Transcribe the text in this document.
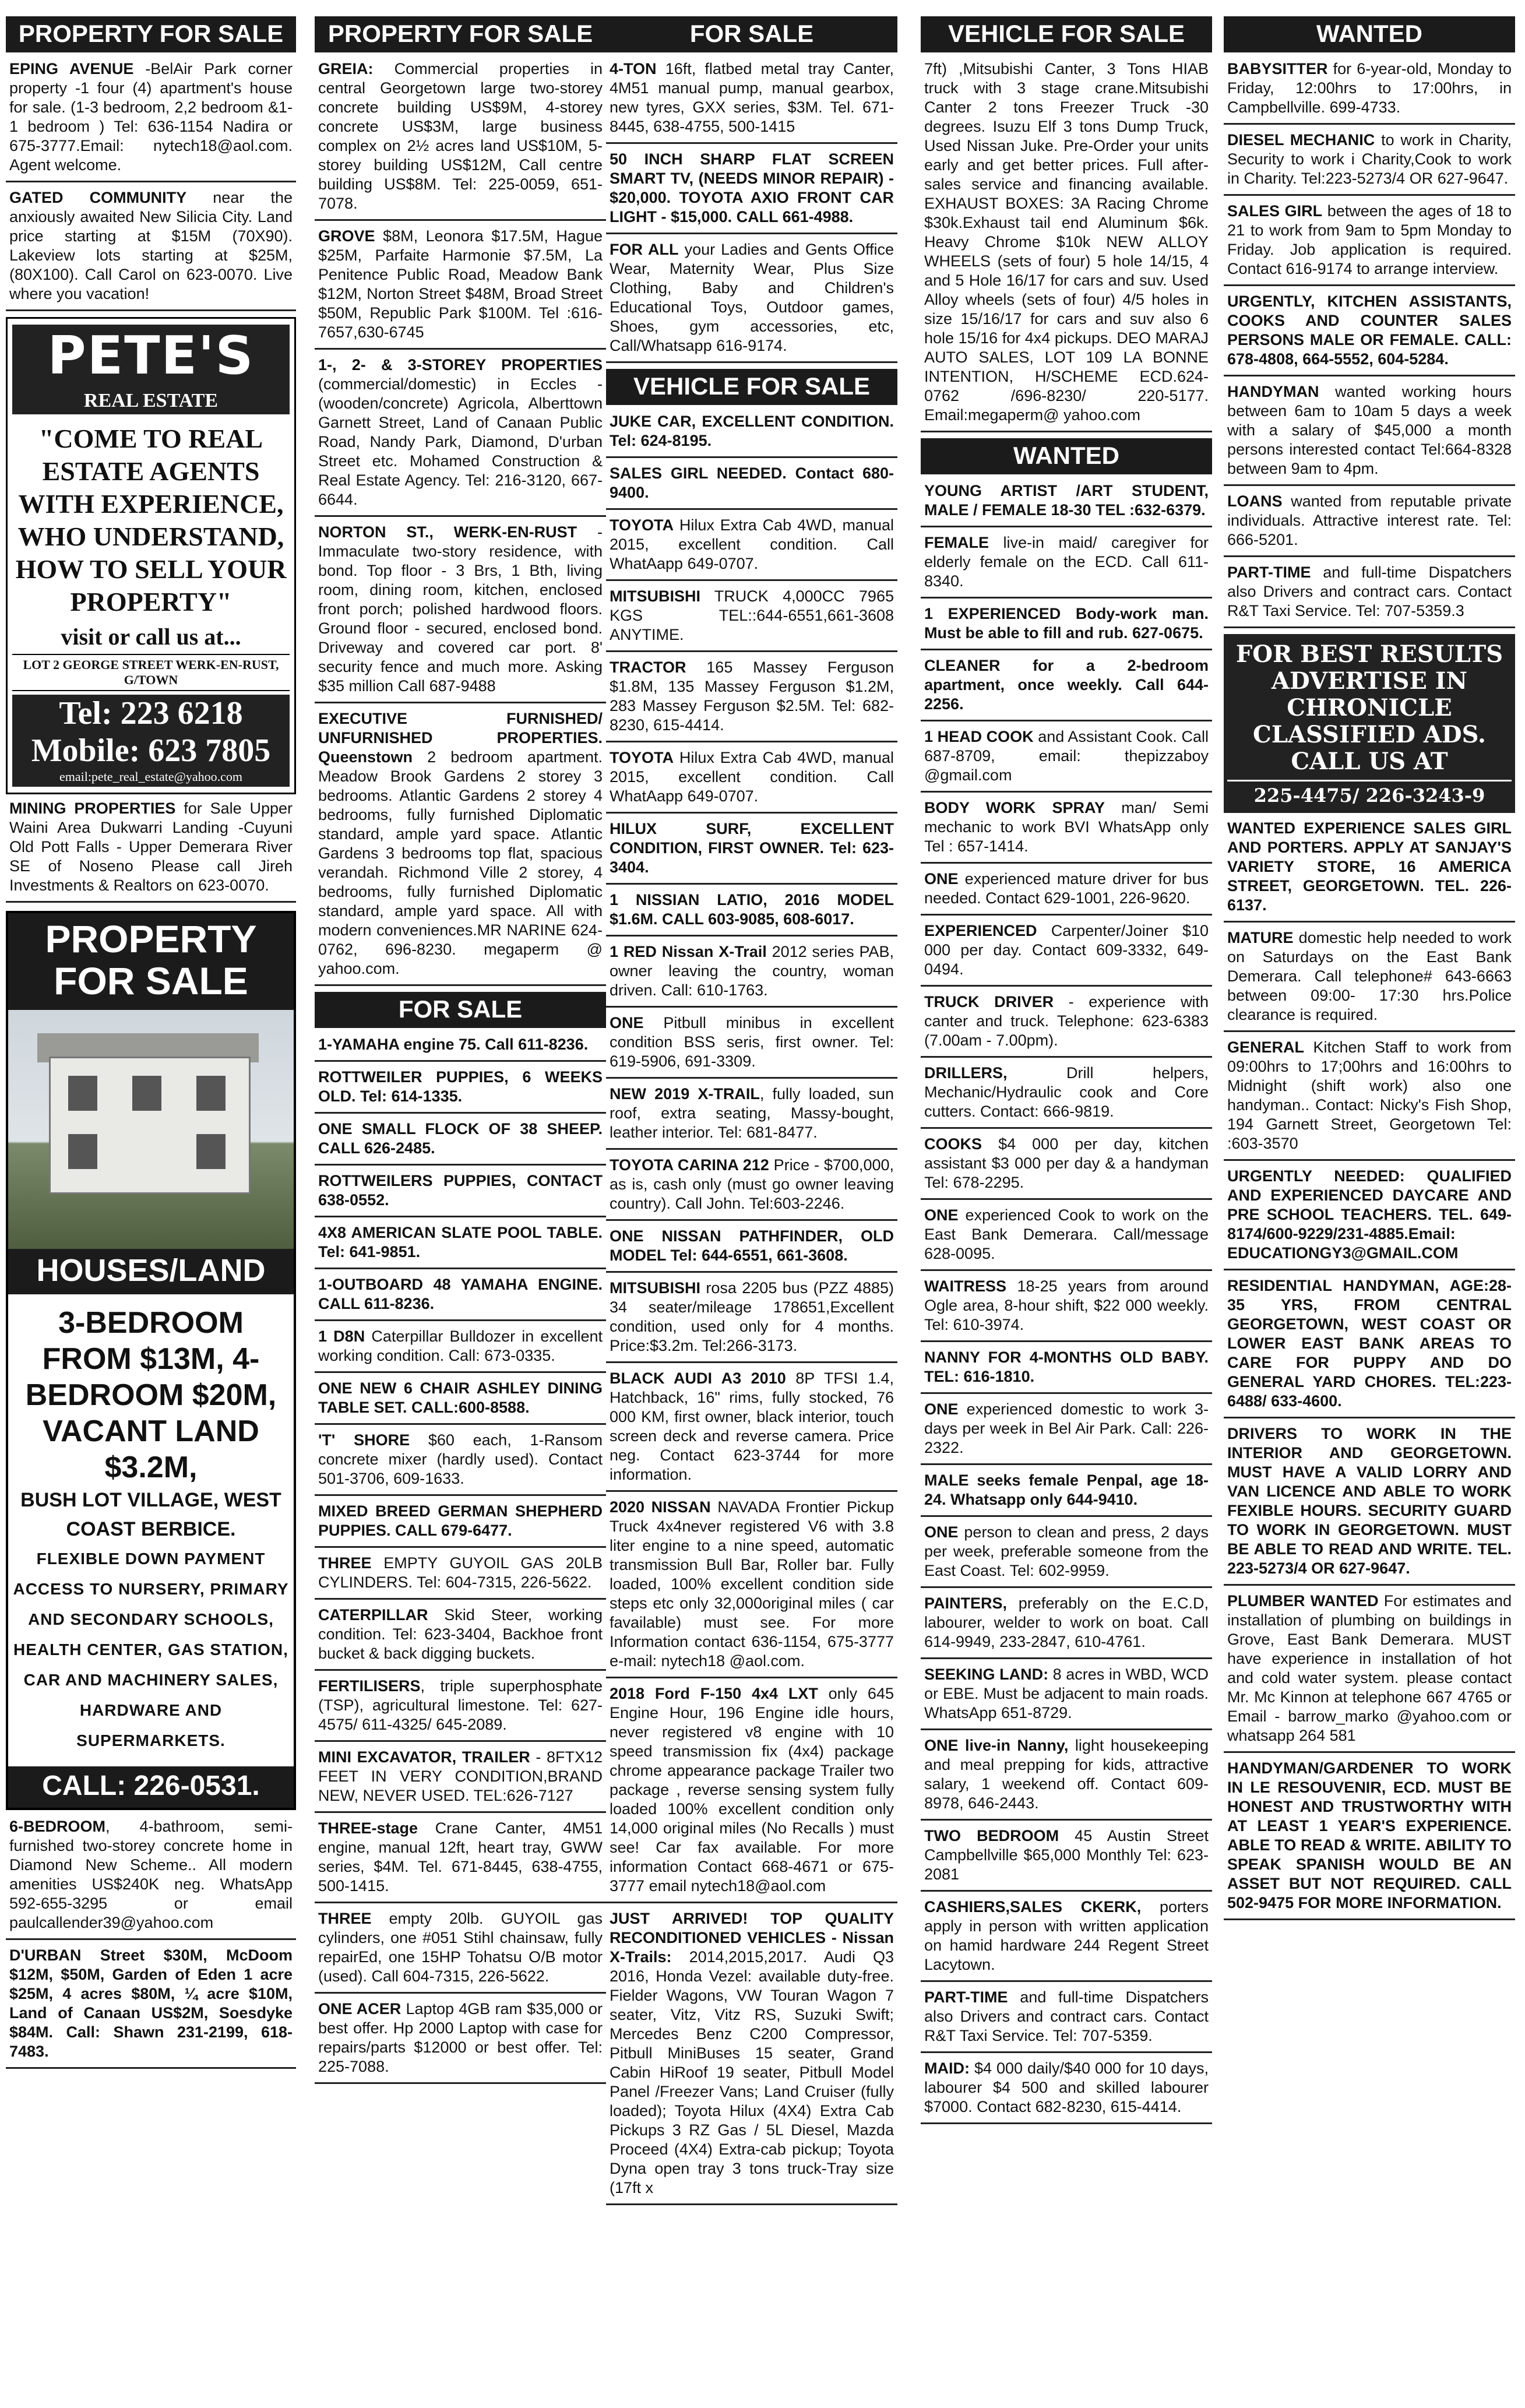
PROPERTY FOR SALE

EPING AVENUE -BelAir Park corner property -1 four (4) apartment's house for sale. (1-3 bedroom, 2,2 bedroom &1-1 bedroom ) Tel: 636-1154 Nadira or 675-3777.Email: nytech18@aol.com. Agent welcome.

GATED COMMUNITY near the anxiously awaited New Silicia City. Land price starting at $15M (70X90). Lakeview lots starting at $25M, (80X100). Call Carol on 623-0070. Live where you vacation!

PETE'S
REAL ESTATE
"COME TO REAL ESTATE AGENTS WITH EXPERIENCE, WHO UNDERSTAND, HOW TO SELL YOUR PROPERTY"
visit or call us at...
LOT 2 GEORGE STREET WERK-EN-RUST, G/TOWN
Tel: 223 6218
Mobile: 623 7805
email:pete_real_estate@yahoo.com

MINING PROPERTIES for Sale Upper Waini Area Dukwarri Landing -Cuyuni Old Pott Falls - Upper Demerara River SE of Noseno Please call Jireh Investments & Realtors on 623-0070.

PROPERTY FOR SALE
HOUSES/LAND
3-BEDROOM FROM $13M, 4-BEDROOM $20M, VACANT LAND $3.2M,
BUSH LOT VILLAGE, WEST COAST BERBICE.
FLEXIBLE DOWN PAYMENT ACCESS TO NURSERY, PRIMARY AND SECONDARY SCHOOLS, HEALTH CENTER, GAS STATION, CAR AND MACHINERY SALES, HARDWARE AND SUPERMARKETS.
CALL: 226-0531.

6-BEDROOM, 4-bathroom, semi-furnished two-storey concrete home in Diamond New Scheme.. All modern amenities US$240K neg. WhatsApp 592-655-3295 or email paulcallender39@yahoo.com

D'URBAN Street $30M, McDoom $12M, $50M, Garden of Eden 1 acre $25M, 4 acres $80M, ¼ acre $10M, Land of Canaan US$2M, Soesdyke $84M. Call: Shawn 231-2199, 618-7483.

PROPERTY FOR SALE

GREIA: Commercial properties in central Georgetown large two-storey concrete building US$9M, 4-storey concrete US$3M, large business complex on 2½ acres land US$10M, 5-storey building US$12M, Call centre building US$8M. Tel: 225-0059, 651-7078.

GROVE $8M, Leonora $17.5M, Hague $25M, Parfaite Harmonie $7.5M, La Penitence Public Road, Meadow Bank $12M, Norton Street $48M, Broad Street $50M, Republic Park $100M. Tel :616-7657,630-6745

1-, 2- & 3-STOREY PROPERTIES (commercial/domestic) in Eccles - (wooden/concrete) Agricola, Alberttown Garnett Street, Land of Canaan Public Road, Nandy Park, Diamond, D'urban Street etc. Mohamed Construction & Real Estate Agency. Tel: 216-3120, 667-6644.

NORTON ST., WERK-EN-RUST - Immaculate two-story residence, with bond. Top floor - 3 Brs, 1 Bth, living room, dining room, kitchen, enclosed front porch; polished hardwood floors. Ground floor - secured, enclosed bond. Driveway and covered car port. 8' security fence and much more. Asking $35 million Call 687-9488

EXECUTIVE FURNISHED/ UNFURNISHED PROPERTIES. Queenstown 2 bedroom apartment. Meadow Brook Gardens 2 storey 3 bedrooms. Atlantic Gardens 2 storey 4 bedrooms, fully furnished Diplomatic standard, ample yard space. Atlantic Gardens 3 bedrooms top flat, spacious verandah. Richmond Ville 2 storey, 4 bedrooms, fully furnished Diplomatic standard, ample yard space. All with modern conveniences.MR NARINE 624-0762, 696-8230. megaperm @ yahoo.com.

FOR SALE

1-YAMAHA engine 75. Call 611-8236.

ROTTWEILER PUPPIES, 6 WEEKS OLD. Tel: 614-1335.

ONE SMALL FLOCK OF 38 SHEEP. CALL 626-2485.

ROTTWEILERS PUPPIES, CONTACT 638-0552.

4X8 AMERICAN SLATE POOL TABLE. Tel: 641-9851.

1-OUTBOARD 48 YAMAHA ENGINE. CALL 611-8236.

1 D8N Caterpillar Bulldozer in excellent working condition. Call: 673-0335.

ONE NEW 6 CHAIR ASHLEY DINING TABLE SET. CALL:600-8588.

'T' SHORE $60 each, 1-Ransom concrete mixer (hardly used). Contact 501-3706, 609-1633.

MIXED BREED GERMAN SHEPHERD PUPPIES. CALL 679-6477.

THREE EMPTY GUYOIL GAS 20LB CYLINDERS. Tel: 604-7315, 226-5622.

CATERPILLAR Skid Steer, working condition. Tel: 623-3404, Backhoe front bucket & back digging buckets.

FERTILISERS, triple superphosphate (TSP), agricultural limestone. Tel: 627-4575/ 611-4325/ 645-2089.

MINI EXCAVATOR, TRAILER - 8FTX12 FEET IN VERY CONDITION,BRAND NEW, NEVER USED. TEL:626-7127

THREE-stage Crane Canter, 4M51 engine, manual 12ft, heart tray, GWW series, $4M. Tel. 671-8445, 638-4755, 500-1415.

THREE empty 20lb. GUYOIL gas cylinders, one #051 Stihl chainsaw, fully repairEd, one 15HP Tohatsu O/B motor (used). Call 604-7315, 226-5622.

ONE ACER Laptop 4GB ram $35,000 or best offer. Hp 2000 Laptop with case for repairs/parts $12000 or best offer. Tel: 225-7088.

FOR SALE

4-TON 16ft, flatbed metal tray Canter, 4M51 manual pump, manual gearbox, new tyres, GXX series, $3M. Tel. 671-8445, 638-4755, 500-1415

50 INCH SHARP FLAT SCREEN SMART TV, (NEEDS MINOR REPAIR) - $20,000. TOYOTA AXIO FRONT CAR LIGHT - $15,000. CALL 661-4988.

FOR ALL your Ladies and Gents Office Wear, Maternity Wear, Plus Size Clothing, Baby and Children's Educational Toys, Outdoor games, Shoes, gym accessories, etc, Call/Whatsapp 616-9174.

VEHICLE FOR SALE

JUKE CAR, EXCELLENT CONDITION. Tel: 624-8195.

SALES GIRL NEEDED. Contact 680-9400.

TOYOTA Hilux Extra Cab 4WD, manual 2015, excellent condition. Call WhatAapp 649-0707.

MITSUBISHI TRUCK 4,000CC 7965 KGS TEL::644-6551,661-3608 ANYTIME.

TRACTOR 165 Massey Ferguson $1.8M, 135 Massey Ferguson $1.2M, 283 Massey Ferguson $2.5M. Tel: 682-8230, 615-4414.

TOYOTA Hilux Extra Cab 4WD, manual 2015, excellent condition. Call WhatAapp 649-0707.

HILUX SURF, EXCELLENT CONDITION, FIRST OWNER. Tel: 623-3404.

1 NISSIAN LATIO, 2016 MODEL $1.6M. CALL 603-9085, 608-6017.

1 RED Nissan X-Trail 2012 series PAB, owner leaving the country, woman driven. Call: 610-1763.

ONE Pitbull minibus in excellent condition BSS seris, first owner. Tel: 619-5906, 691-3309.

NEW 2019 X-TRAIL, fully loaded, sun roof, extra seating, Massy-bought, leather interior. Tel: 681-8477.

TOYOTA CARINA 212 Price - $700,000, as is, cash only (must go owner leaving country). Call John. Tel:603-2246.

ONE NISSAN PATHFINDER, OLD MODEL Tel: 644-6551, 661-3608.

MITSUBISHI rosa 2205 bus (PZZ 4885) 34 seater/mileage 178651,Excellent condition, used only for 4 months. Price:$3.2m. Tel:266-3173.

BLACK AUDI A3 2010 8P TFSI 1.4, Hatchback, 16" rims, fully stocked, 76 000 KM, first owner, black interior, touch screen deck and reverse camera. Price neg. Contact 623-3744 for more information.

2020 NISSAN NAVADA Frontier Pickup Truck 4x4never registered V6 with 3.8 liter engine to a nine speed, automatic transmission Bull Bar, Roller bar. Fully loaded, 100% excellent condition side steps etc only 32,000original miles ( car favailable) must see. For more Information contact 636-1154, 675-3777 e-mail: nytech18 @aol.com.

2018 Ford F-150 4x4 LXT only 645 Engine Hour, 196 Engine idle hours, never registered v8 engine with 10 speed transmission fix (4x4) package chrome appearance package Trailer two package , reverse sensing system fully loaded 100% excellent condition only 14,000 original miles (No Recalls ) must see! Car fax available. For more information Contact 668-4671 or 675-3777 email nytech18@aol.com

JUST ARRIVED! TOP QUALITY RECONDITIONED VEHICLES - Nissan X-Trails: 2014,2015,2017. Audi Q3 2016, Honda Vezel: available duty-free. Fielder Wagons, VW Touran Wagon 7 seater, Vitz, Vitz RS, Suzuki Swift; Mercedes Benz C200 Compressor, Pitbull MiniBuses 15 seater, Grand Cabin HiRoof 19 seater, Pitbull Model Panel /Freezer Vans; Land Cruiser (fully loaded); Toyota Hilux (4X4) Extra Cab Pickups 3 RZ Gas / 5L Diesel, Mazda Proceed (4X4) Extra-cab pickup; Toyota Dyna open tray 3 tons truck-Tray size (17ft x

VEHICLE FOR SALE

7ft) ,Mitsubishi Canter, 3 Tons HIAB truck with 3 stage crane.Mitsubishi Canter 2 tons Freezer Truck -30 degrees. Isuzu Elf 3 tons Dump Truck, Used Nissan Juke. Pre-Order your units early and get better prices. Full after-sales service and financing available. EXHAUST BOXES: 3A Racing Chrome $30k.Exhaust tail end Aluminum $6k. Heavy Chrome $10k NEW ALLOY WHEELS (sets of four) 5 hole 14/15, 4 and 5 Hole 16/17 for cars and suv. Used Alloy wheels (sets of four) 4/5 holes in size 15/16/17 for cars and suv also 6 hole 15/16 for 4x4 pickups. DEO MARAJ AUTO SALES, LOT 109 LA BONNE INTENTION, H/SCHEME ECD.624-0762 /696-8230/ 220-5177. Email:megaperm@ yahoo.com

WANTED

YOUNG ARTIST /ART STUDENT, MALE / FEMALE 18-30 TEL :632-6379.

FEMALE live-in maid/ caregiver for elderly female on the ECD. Call 611-8340.

1 EXPERIENCED Body-work man. Must be able to fill and rub. 627-0675.

CLEANER for a 2-bedroom apartment, once weekly. Call 644-2256.

1 HEAD COOK and Assistant Cook. Call 687-8709, email: thepizzaboy @gmail.com

BODY WORK SPRAY man/ Semi mechanic to work BVI WhatsApp only Tel : 657-1414.

ONE experienced mature driver for bus needed. Contact 629-1001, 226-9620.

EXPERIENCED Carpenter/Joiner $10 000 per day. Contact 609-3332, 649-0494.

TRUCK DRIVER - experience with canter and truck. Telephone: 623-6383 (7.00am - 7.00pm).

DRILLERS, Drill helpers, Mechanic/Hydraulic cook and Core cutters. Contact: 666-9819.

COOKS $4 000 per day, kitchen assistant $3 000 per day & a handyman Tel: 678-2295.

ONE experienced Cook to work on the East Bank Demerara. Call/message 628-0095.

WAITRESS 18-25 years from around Ogle area, 8-hour shift, $22 000 weekly. Tel: 610-3974.

NANNY FOR 4-MONTHS OLD BABY. TEL: 616-1810.

ONE experienced domestic to work 3-days per week in Bel Air Park. Call: 226-2322.

MALE seeks female Penpal, age 18-24. Whatsapp only 644-9410.

ONE person to clean and press, 2 days per week, preferable someone from the East Coast. Tel: 602-9959.

PAINTERS, preferably on the E.C.D, labourer, welder to work on boat. Call 614-9949, 233-2847, 610-4761.

SEEKING LAND: 8 acres in WBD, WCD or EBE. Must be adjacent to main roads. WhatsApp 651-8729.

ONE live-in Nanny, light housekeeping and meal prepping for kids, attractive salary, 1 weekend off. Contact 609-8978, 646-2443.

TWO BEDROOM 45 Austin Street Campbellville $65,000 Monthly Tel: 623-2081

CASHIERS,SALES CKERK, porters apply in person with written application on hamid hardware 244 Regent Street Lacytown.

PART-TIME and full-time Dispatchers also Drivers and contract cars. Contact R&T Taxi Service. Tel: 707-5359.

MAID: $4 000 daily/$40 000 for 10 days, labourer $4 500 and skilled labourer $7000. Contact 682-8230, 615-4414.

WANTED

BABYSITTER for 6-year-old, Monday to Friday, 12:00hrs to 17:00hrs, in Campbellville. 699-4733.

DIESEL MECHANIC to work in Charity, Security to work i Charity,Cook to work in Charity. Tel:223-5273/4 OR 627-9647.

SALES GIRL between the ages of 18 to 21 to work from 9am to 5pm Monday to Friday. Job application is required. Contact 616-9174 to arrange interview.

URGENTLY, KITCHEN ASSISTANTS, COOKS AND COUNTER SALES PERSONS MALE OR FEMALE. CALL: 678-4808, 664-5552, 604-5284.

HANDYMAN wanted working hours between 6am to 10am 5 days a week with a salary of $45,000 a month persons interested contact Tel:664-8328 between 9am to 4pm.

LOANS wanted from reputable private individuals. Attractive interest rate. Tel: 666-5201.

PART-TIME and full-time Dispatchers also Drivers and contract cars. Contact R&T Taxi Service. Tel: 707-5359.3

FOR BEST RESULTS ADVERTISE IN CHRONICLE CLASSIFIED ADS. CALL US AT
225-4475/ 226-3243-9

WANTED EXPERIENCE SALES GIRL AND PORTERS. APPLY AT SANJAY'S VARIETY STORE, 16 AMERICA STREET, GEORGETOWN. TEL. 226-6137.

MATURE domestic help needed to work on Saturdays on the East Bank Demerara. Call telephone# 643-6663 between 09:00- 17:30 hrs.Police clearance is required.

GENERAL Kitchen Staff to work from 09:00hrs to 17;00hrs and 16:00hrs to Midnight (shift work) also one handyman.. Contact: Nicky's Fish Shop, 194 Garnett Street, Georgetown Tel: :603-3570

URGENTLY NEEDED: QUALIFIED AND EXPERIENCED DAYCARE AND PRE SCHOOL TEACHERS. TEL. 649-8174/600-9229/231-4885.Email: EDUCATIONGY3@GMAIL.COM

RESIDENTIAL HANDYMAN, AGE:28-35 YRS, FROM CENTRAL GEORGETOWN, WEST COAST OR LOWER EAST BANK AREAS TO CARE FOR PUPPY AND DO GENERAL YARD CHORES. TEL:223-6488/ 633-4600.

DRIVERS TO WORK IN THE INTERIOR AND GEORGETOWN. MUST HAVE A VALID LORRY AND VAN LICENCE AND ABLE TO WORK FEXIBLE HOURS. SECURITY GUARD TO WORK IN GEORGETOWN. MUST BE ABLE TO READ AND WRITE. TEL. 223-5273/4 OR 627-9647.

PLUMBER WANTED For estimates and installation of plumbing on buildings in Grove, East Bank Demerara. MUST have experience in installation of hot and cold water system. please contact Mr. Mc Kinnon at telephone 667 4765 or Email - barrow_marko @yahoo.com or whatsapp 264 581

HANDYMAN/GARDENER TO WORK IN LE RESOUVENIR, ECD. MUST BE HONEST AND TRUSTWORTHY WITH AT LEAST 1 YEAR'S EXPERIENCE. ABLE TO READ & WRITE. ABILITY TO SPEAK SPANISH WOULD BE AN ASSET BUT NOT REQUIRED. CALL 502-9475 FOR MORE INFORMATION.
